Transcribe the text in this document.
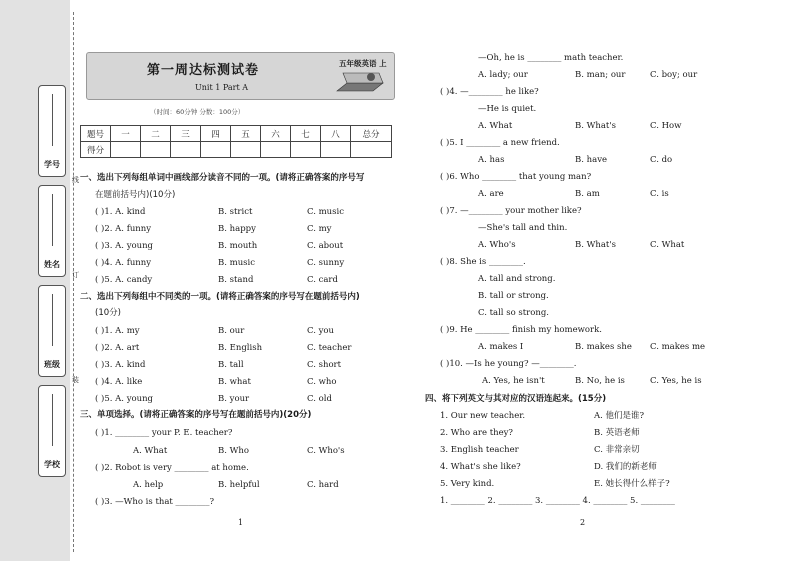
学号
姓名
班级
学校
线
订
装
第一周达标测试卷
Unit 1 Part A
五年级英语 上
（时间：60分钟 分数：100分）
题号	一	二	三	四	五	六	七	八	总分
得分									
一、选出下列每组单词中画线部分读音不同的一项。(请将正确答案的序号写
在题前括号内)(10分)
( )1. A. kind	B. strict	C. music
( )2. A. funny	B. happy	C. my
( )3. A. young	B. mouth	C. about
( )4. A. funny	B. music	C. sunny
( )5. A. candy	B. stand	C. card
二、选出下列每组中不同类的一项。(请将正确答案的序号写在题前括号内)
(10分)
( )1. A. my	B. our	C. you
( )2. A. art	B. English	C. teacher
( )3. A. kind	B. tall	C. short
( )4. A. like	B. what	C. who
( )5. A. young	B. your	C. old
三、单项选择。(请将正确答案的序号写在题前括号内)(20分)
( )1. ________ your P. E. teacher?
A. What	B. Who	C. Who's
( )2. Robot is very ________ at home.
A. help	B. helpful	C. hard
( )3. —Who is that ________?
1
—Oh, he is ________ math teacher.
A. lady; our	B. man; our	C. boy; our
( )4. —________ he like?
—He is quiet.
A. What	B. What's	C. How
( )5. I ________ a new friend.
A. has	B. have	C. do
( )6. Who ________ that young man?
A. are	B. am	C. is
( )7. —________ your mother like?
—She's tall and thin.
A. Who's	B. What's	C. What
( )8. She is ________.
A. tall and strong.
B. tall or strong.
C. tall so strong.
( )9. He ________ finish my homework.
A. makes I	B. makes she C. makes me
( )10. —Is he young? —________.
A. Yes, he isn't	B. No, he is	C. Yes, he is
四、将下列英文与其对应的汉语连起来。(15分)
1. Our new teacher.	A. 他们是谁?
2. Who are they?	B. 英语老师
3. English teacher	C. 非常亲切
4. What's she like?	D. 我们的新老师
5. Very kind.	E. 她长得什么样子?
1. ________ 2. ________ 3. ________ 4. ________ 5. ________
2
